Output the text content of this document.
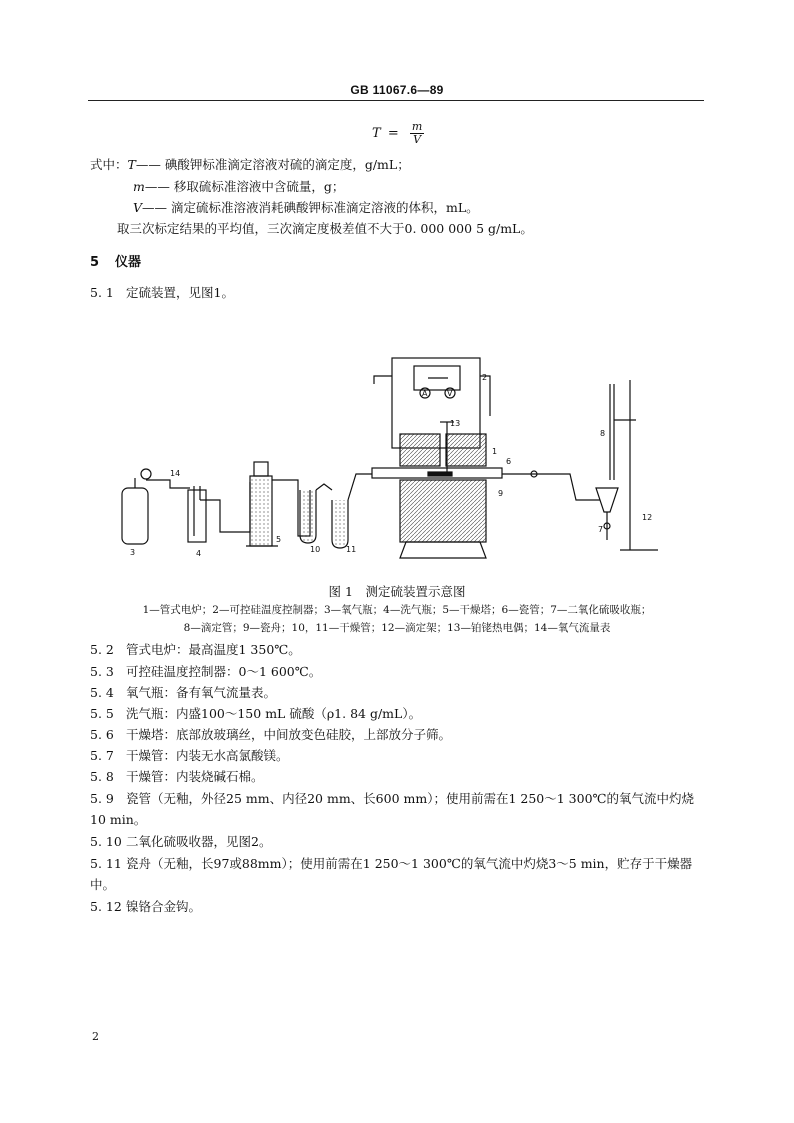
GB 11067.6—89
$T = \frac{m}{V}$
式中：T—— 碘酸钾标准滴定溶液对硫的滴定度，g/mL；
m—— 移取硫标准溶液中含硫量，g；
V—— 滴定硫标准溶液消耗碘酸钾标准滴定溶液的体积，mL。
取三次标定结果的平均值，三次滴定度极差值不大于0. 000 000 5 g/mL。
5 仪器
5. 1 定硫装置，见图1。
A V
1
2
3	4
5
6
7
8
9
10	11
12
13
14
图 1　测定硫装置示意图
1—管式电炉；2—可控硅温度控制器；3—氧气瓶；4—洗气瓶；5—干燥塔；6—瓷管；7—二氧化硫吸收瓶；
8—滴定管；9—瓷舟；10，11—干燥管；12—滴定架；13—铂铑热电偶；14—氧气流量表
5. 2 管式电炉：最高温度1 350℃。
5. 3 可控硅温度控制器：0～1 600℃。
5. 4 氧气瓶：备有氧气流量表。
5. 5 洗气瓶：内盛100～150 mL 硫酸（ρ1. 84 g/mL）。
5. 6 干燥塔：底部放玻璃丝，中间放变色硅胶，上部放分子筛。
5. 7 干燥管：内装无水高氯酸镁。
5. 8 干燥管：内装烧碱石棉。
5. 9 瓷管（无釉，外径25 mm、内径20 mm、长600 mm）；使用前需在1 250～1 300℃的氧气流中灼烧
10 min。
5. 10 二氧化硫吸收器，见图2。
5. 11 瓷舟（无釉，长97或88mm）；使用前需在1 250～1 300℃的氧气流中灼烧3～5 min，贮存于干燥器
中。
5. 12 镍铬合金钩。
2
